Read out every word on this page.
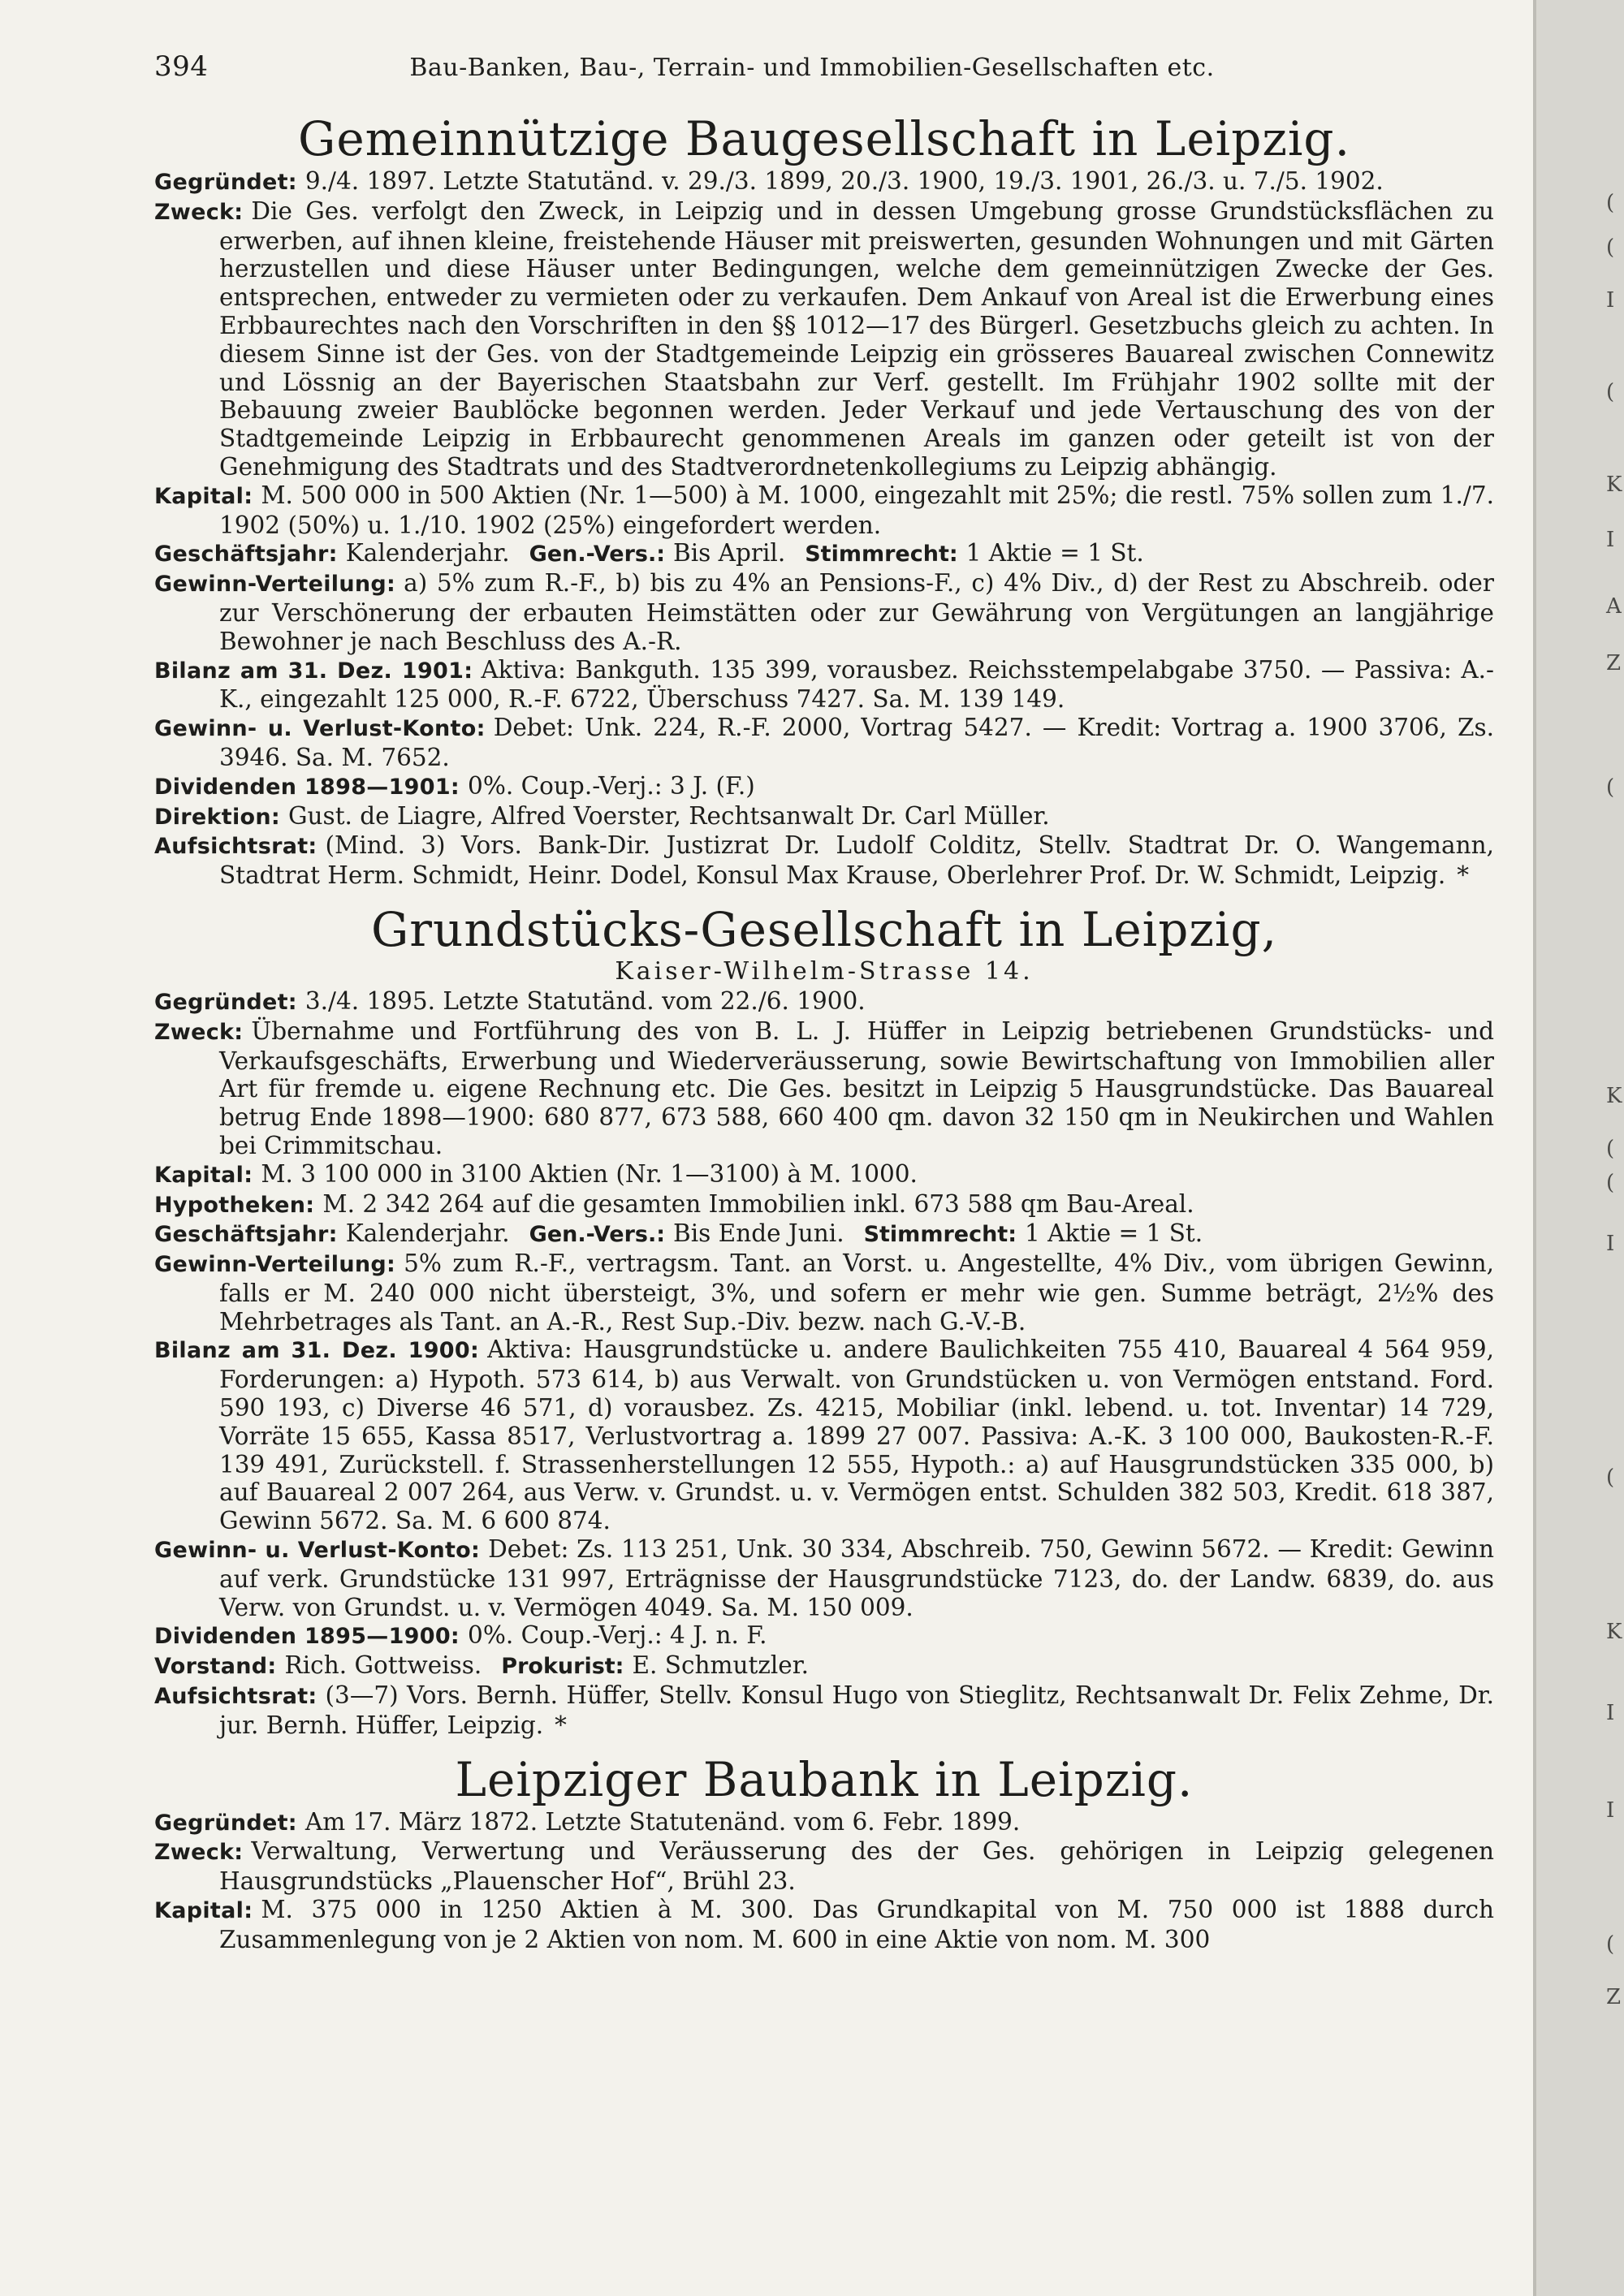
394	Bau-Banken, Bau-, Terrain- und Immobilien-Gesellschaften etc.
Gemeinnützige Baugesellschaft in Leipzig.
Gegründet: 9./4. 1897. Letzte Statutänd. v. 29./3. 1899, 20./3. 1900, 19./3. 1901, 26./3. u. 7./5. 1902.
Zweck: Die Ges. verfolgt den Zweck, in Leipzig und in dessen Umgebung grosse Grundstücksflächen zu erwerben, auf ihnen kleine, freistehende Häuser mit preiswerten, gesunden Wohnungen und mit Gärten herzustellen und diese Häuser unter Bedingungen, welche dem gemeinnützigen Zwecke der Ges. entsprechen, entweder zu vermieten oder zu verkaufen. Dem Ankauf von Areal ist die Erwerbung eines Erbbaurechtes nach den Vorschriften in den §§ 1012—17 des Bürgerl. Gesetzbuchs gleich zu achten. In diesem Sinne ist der Ges. von der Stadtgemeinde Leipzig ein grösseres Bauareal zwischen Connewitz und Lössnig an der Bayerischen Staatsbahn zur Verf. gestellt. Im Frühjahr 1902 sollte mit der Bebauung zweier Baublöcke begonnen werden. Jeder Verkauf und jede Vertauschung des von der Stadtgemeinde Leipzig in Erbbaurecht genommenen Areals im ganzen oder geteilt ist von der Genehmigung des Stadtrats und des Stadtverordnetenkollegiums zu Leipzig abhängig.
Kapital: M. 500 000 in 500 Aktien (Nr. 1—500) à M. 1000, eingezahlt mit 25%; die restl. 75% sollen zum 1./7. 1902 (50%) u. 1./10. 1902 (25%) eingefordert werden.
Geschäftsjahr: Kalenderjahr. Gen.-Vers.: Bis April. Stimmrecht: 1 Aktie = 1 St.
Gewinn-Verteilung: a) 5% zum R.-F., b) bis zu 4% an Pensions-F., c) 4% Div., d) der Rest zu Abschreib. oder zur Verschönerung der erbauten Heimstätten oder zur Gewährung von Vergütungen an langjährige Bewohner je nach Beschluss des A.-R.
Bilanz am 31. Dez. 1901: Aktiva: Bankguth. 135 399, vorausbez. Reichsstempelabgabe 3750. — Passiva: A.-K., eingezahlt 125 000, R.-F. 6722, Überschuss 7427. Sa. M. 139 149.
Gewinn- u. Verlust-Konto: Debet: Unk. 224, R.-F. 2000, Vortrag 5427. — Kredit: Vortrag a. 1900 3706, Zs. 3946. Sa. M. 7652.
Dividenden 1898—1901: 0%. Coup.-Verj.: 3 J. (F.)
Direktion: Gust. de Liagre, Alfred Voerster, Rechtsanwalt Dr. Carl Müller.
Aufsichtsrat: (Mind. 3) Vors. Bank-Dir. Justizrat Dr. Ludolf Colditz, Stellv. Stadtrat Dr. O. Wangemann, Stadtrat Herm. Schmidt, Heinr. Dodel, Konsul Max Krause, Oberlehrer Prof. Dr. W. Schmidt, Leipzig. *
Grundstücks-Gesellschaft in Leipzig,
Kaiser-Wilhelm-Strasse 14.
Gegründet: 3./4. 1895. Letzte Statutänd. vom 22./6. 1900.
Zweck: Übernahme und Fortführung des von B. L. J. Hüffer in Leipzig betriebenen Grundstücks- und Verkaufsgeschäfts, Erwerbung und Wiederveräusserung, sowie Bewirtschaftung von Immobilien aller Art für fremde u. eigene Rechnung etc. Die Ges. besitzt in Leipzig 5 Hausgrundstücke. Das Bauareal betrug Ende 1898—1900: 680 877, 673 588, 660 400 qm. davon 32 150 qm in Neukirchen und Wahlen bei Crimmitschau.
Kapital: M. 3 100 000 in 3100 Aktien (Nr. 1—3100) à M. 1000.
Hypotheken: M. 2 342 264 auf die gesamten Immobilien inkl. 673 588 qm Bau-Areal.
Geschäftsjahr: Kalenderjahr. Gen.-Vers.: Bis Ende Juni. Stimmrecht: 1 Aktie = 1 St.
Gewinn-Verteilung: 5% zum R.-F., vertragsm. Tant. an Vorst. u. Angestellte, 4% Div., vom übrigen Gewinn, falls er M. 240 000 nicht übersteigt, 3%, und sofern er mehr wie gen. Summe beträgt, 2½% des Mehrbetrages als Tant. an A.-R., Rest Sup.-Div. bezw. nach G.-V.-B.
Bilanz am 31. Dez. 1900: Aktiva: Hausgrundstücke u. andere Baulichkeiten 755 410, Bauareal 4 564 959, Forderungen: a) Hypoth. 573 614, b) aus Verwalt. von Grundstücken u. von Vermögen entstand. Ford. 590 193, c) Diverse 46 571, d) vorausbez. Zs. 4215, Mobiliar (inkl. lebend. u. tot. Inventar) 14 729, Vorräte 15 655, Kassa 8517, Verlustvortrag a. 1899 27 007. Passiva: A.-K. 3 100 000, Baukosten-R.-F. 139 491, Zurückstell. f. Strassenherstellungen 12 555, Hypoth.: a) auf Hausgrundstücken 335 000, b) auf Bauareal 2 007 264, aus Verw. v. Grundst. u. v. Vermögen entst. Schulden 382 503, Kredit. 618 387, Gewinn 5672. Sa. M. 6 600 874.
Gewinn- u. Verlust-Konto: Debet: Zs. 113 251, Unk. 30 334, Abschreib. 750, Gewinn 5672. — Kredit: Gewinn auf verk. Grundstücke 131 997, Erträgnisse der Hausgrundstücke 7123, do. der Landw. 6839, do. aus Verw. von Grundst. u. v. Vermögen 4049. Sa. M. 150 009.
Dividenden 1895—1900: 0%. Coup.-Verj.: 4 J. n. F.
Vorstand: Rich. Gottweiss. Prokurist: E. Schmutzler.
Aufsichtsrat: (3—7) Vors. Bernh. Hüffer, Stellv. Konsul Hugo von Stieglitz, Rechtsanwalt Dr. Felix Zehme, Dr. jur. Bernh. Hüffer, Leipzig. *
Leipziger Baubank in Leipzig.
Gegründet: Am 17. März 1872. Letzte Statutenänd. vom 6. Febr. 1899.
Zweck: Verwaltung, Verwertung und Veräusserung des der Ges. gehörigen in Leipzig gelegenen Hausgrundstücks „Plauenscher Hof“, Brühl 23.
Kapital: M. 375 000 in 1250 Aktien à M. 300. Das Grundkapital von M. 750 000 ist 1888 durch Zusammenlegung von je 2 Aktien von nom. M. 600 in eine Aktie von nom. M. 300
(
(
I
(
K
I
A
Z
(
K
(
(
I
(
K
I
I
(
Z
